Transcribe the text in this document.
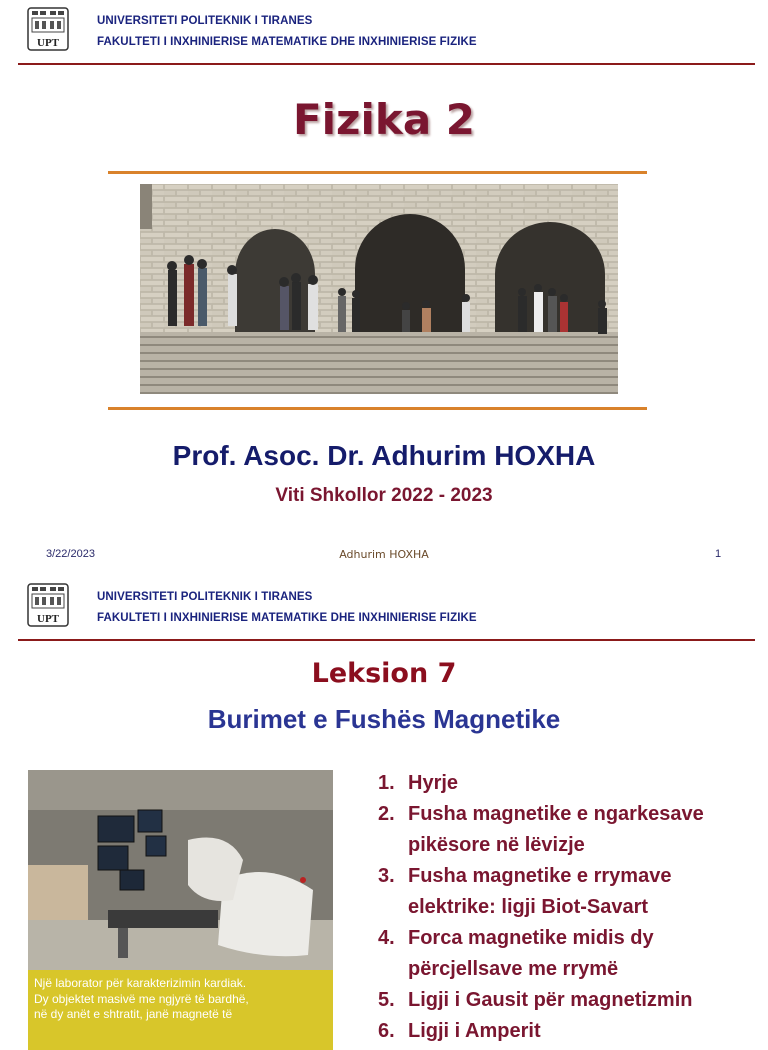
UPT
UNIVERSITETI POLITEKNIK I TIRANES
FAKULTETI I INXHINIERISE MATEMATIKE DHE INXHINIERISE FIZIKE
Fizika 2
Prof. Asoc. Dr. Adhurim HOXHA
Viti Shkollor 2022 - 2023
3/22/2023	Adhurim HOXHA	1
UPT
UNIVERSITETI POLITEKNIK I TIRANES
FAKULTETI I INXHINIERISE MATEMATIKE DHE INXHINIERISE FIZIKE
Leksion 7
Burimet e Fushës Magnetike
Një laborator për karakterizimin kardiak.
Dy objektet masivë me ngjyrë të bardhë,
në dy anët e shtratit, janë magnetë të
1. Hyrje
2. Fusha magnetike e ngarkesave
pikësore në lëvizje
3. Fusha magnetike e rrymave
elektrike: ligji Biot-Savart
4. Forca magnetike midis dy
përcjellsave me rrymë
5. Ligji i Gausit për magnetizmin
6. Ligji i Amperit
